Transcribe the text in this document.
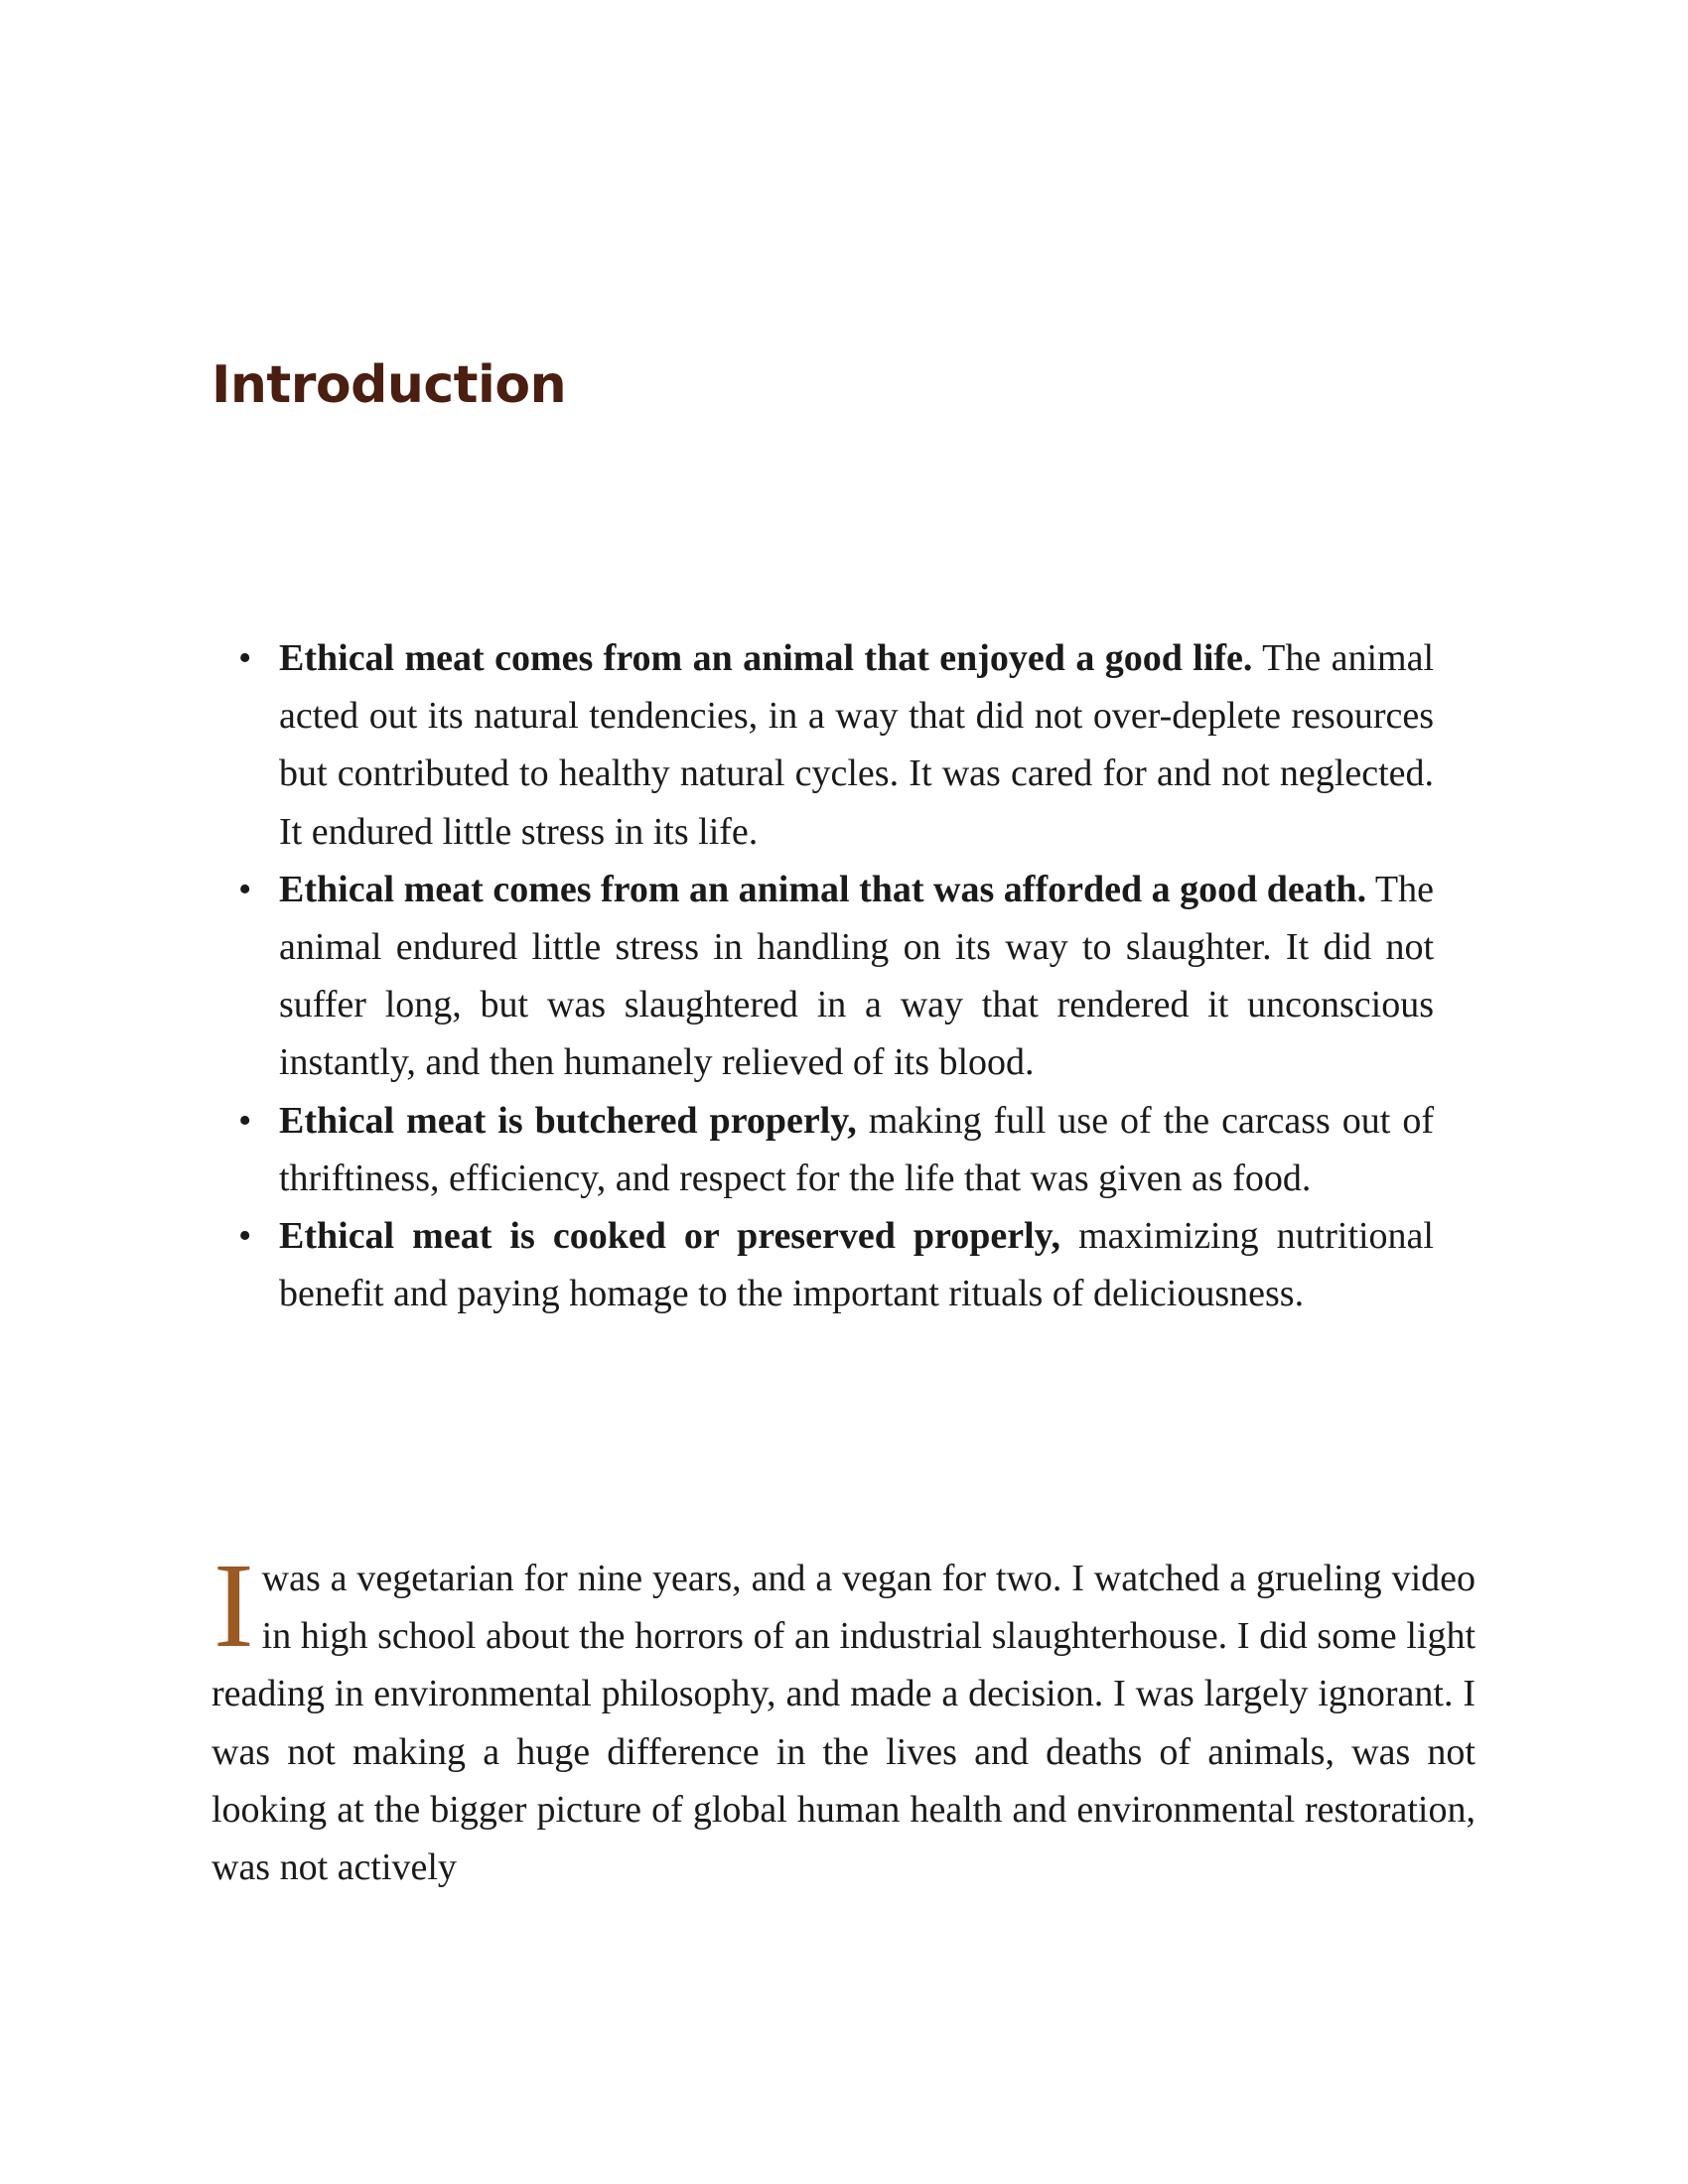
Introduction
• Ethical meat comes from an animal that enjoyed a good life. The animal acted out its natural tendencies, in a way that did not over-deplete resources but contributed to healthy natural cycles. It was cared for and not neglected. It endured little stress in its life.
• Ethical meat comes from an animal that was afforded a good death. The animal endured little stress in handling on its way to slaughter. It did not suffer long, but was slaughtered in a way that rendered it unconscious instantly, and then humanely relieved of its blood.
• Ethical meat is butchered properly, making full use of the carcass out of thriftiness, efficiency, and respect for the life that was given as food.
• Ethical meat is cooked or preserved properly, maximizing nutritional benefit and paying homage to the important rituals of deliciousness.

Iwas a vegetarian for nine years, and a vegan for two. I watched a grueling video in high school about the horrors of an industrial slaughterhouse. I did some light reading in environmental philosophy, and made a decision. I was largely ignorant. I was not making a huge difference in the lives and deaths of animals, was not looking at the bigger picture of global human health and environmental restoration, was not actively
